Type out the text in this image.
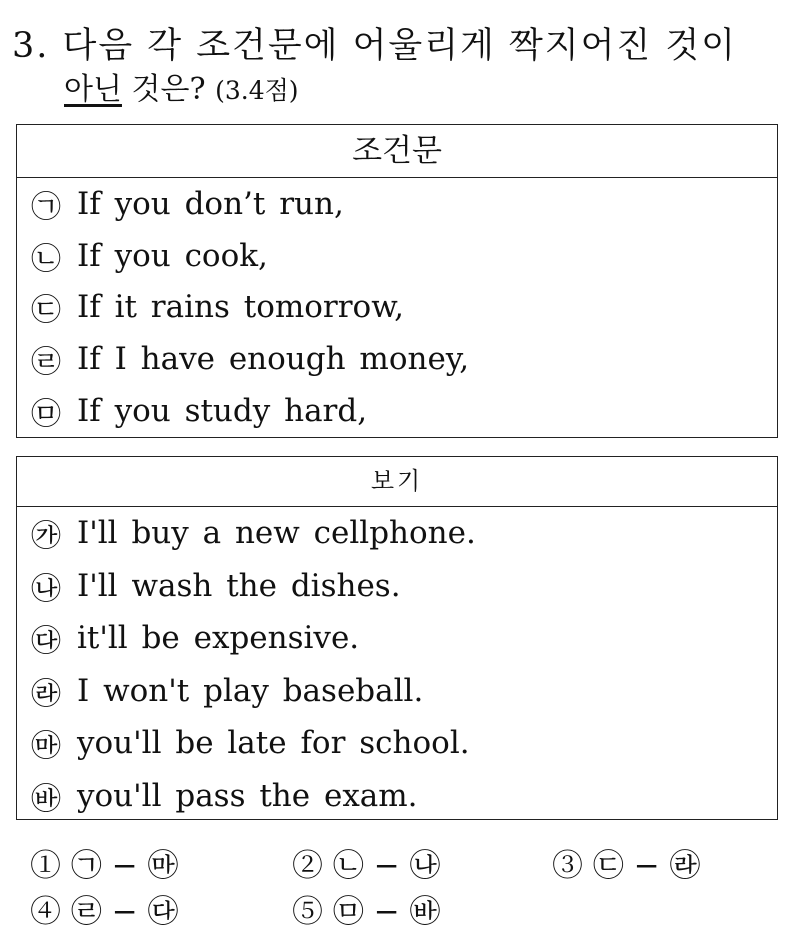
3. 다음 각 조건문에 어울리게 짝지어진 것이
아닌 것은? (3.4점)
조건문
㉠ If you don’t run,
㉡ If you cook,
㉢ If it rains tomorrow,
㉣ If I have enough money,
㉤ If you study hard,
보기
㉮ I'll buy a new cellphone.
㉯ I'll wash the dishes.
㉰ it'll be expensive.
㉱ I won't play baseball.
㉲ you'll be late for school.
㉳ you'll pass the exam.
① ㉠ − ㉲	② ㉡ − ㉯	③ ㉢ − ㉱
④ ㉣ − ㉰	⑤ ㉤ − ㉳
